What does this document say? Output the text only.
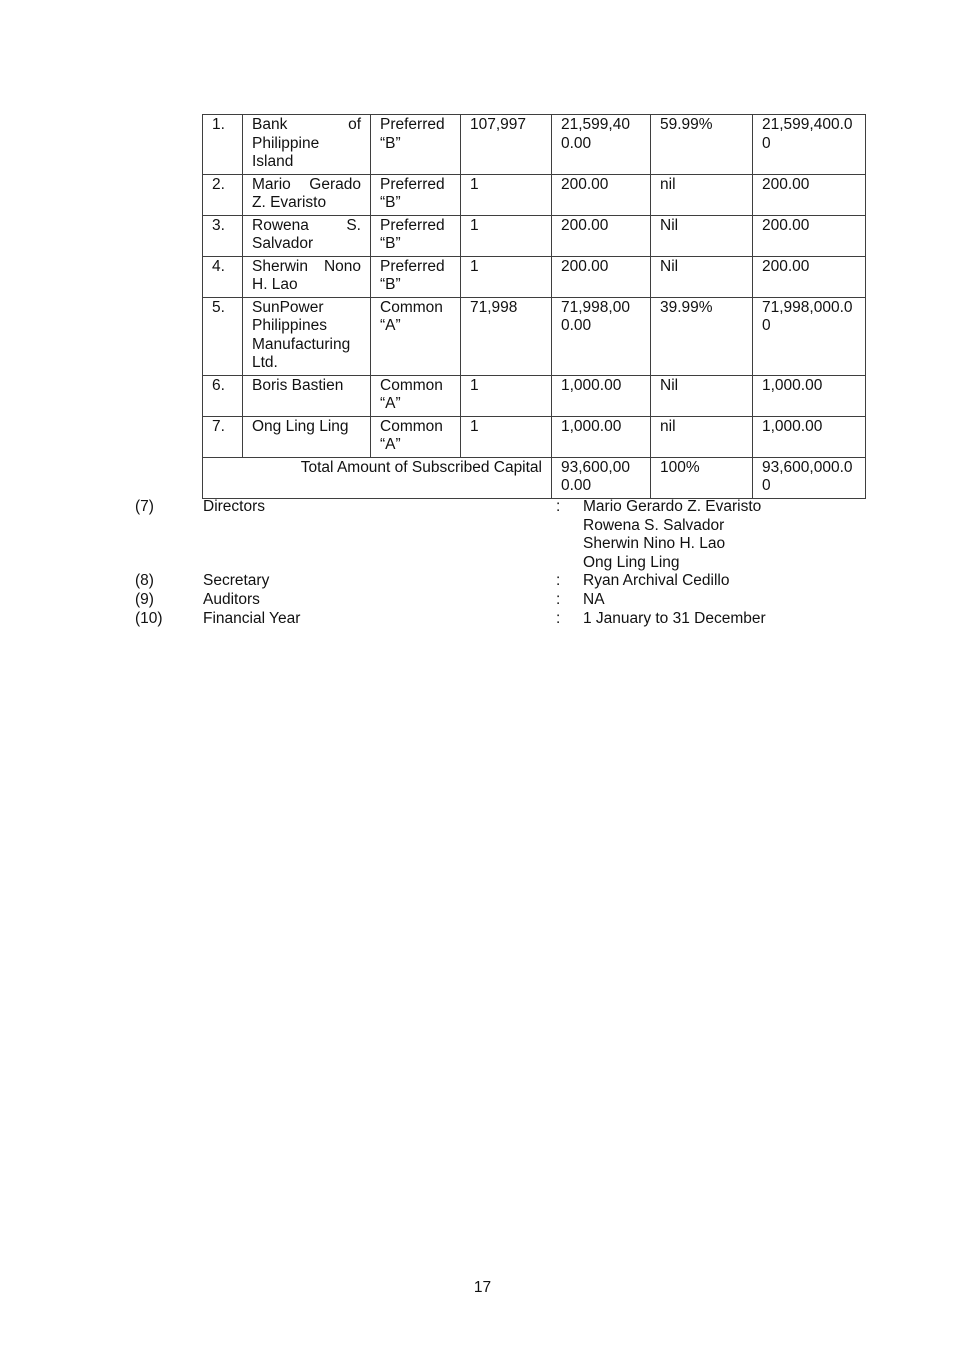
1.	Bank of Philippine Island	Preferred “B”	107,997	21,599,400.00	59.99%	21,599,400.00
2.	Mario Gerado Z. Evaristo	Preferred “B”	1	200.00	nil	200.00
3.	Rowena S. Salvador	Preferred “B”	1	200.00	Nil	200.00
4.	Sherwin Nono H. Lao	Preferred “B”	1	200.00	Nil	200.00
5.	SunPower Philippines Manufacturing Ltd.	Common “A”	71,998	71,998,000.00	39.99%	71,998,000.00
6.	Boris Bastien	Common “A”	1	1,000.00	Nil	1,000.00
7.	Ong Ling Ling	Common “A”	1	1,000.00	nil	1,000.00
Total Amount of Subscribed Capital				93,600,000.00	100%	93,600,000.00
(7)	Directors	:	Mario Gerardo Z. Evaristo
Rowena S. Salvador
Sherwin Nino H. Lao
Ong Ling Ling
(8)	Secretary	:	Ryan Archival Cedillo
(9)	Auditors	:	NA
(10)	Financial Year	:	1 January to 31 December
17
